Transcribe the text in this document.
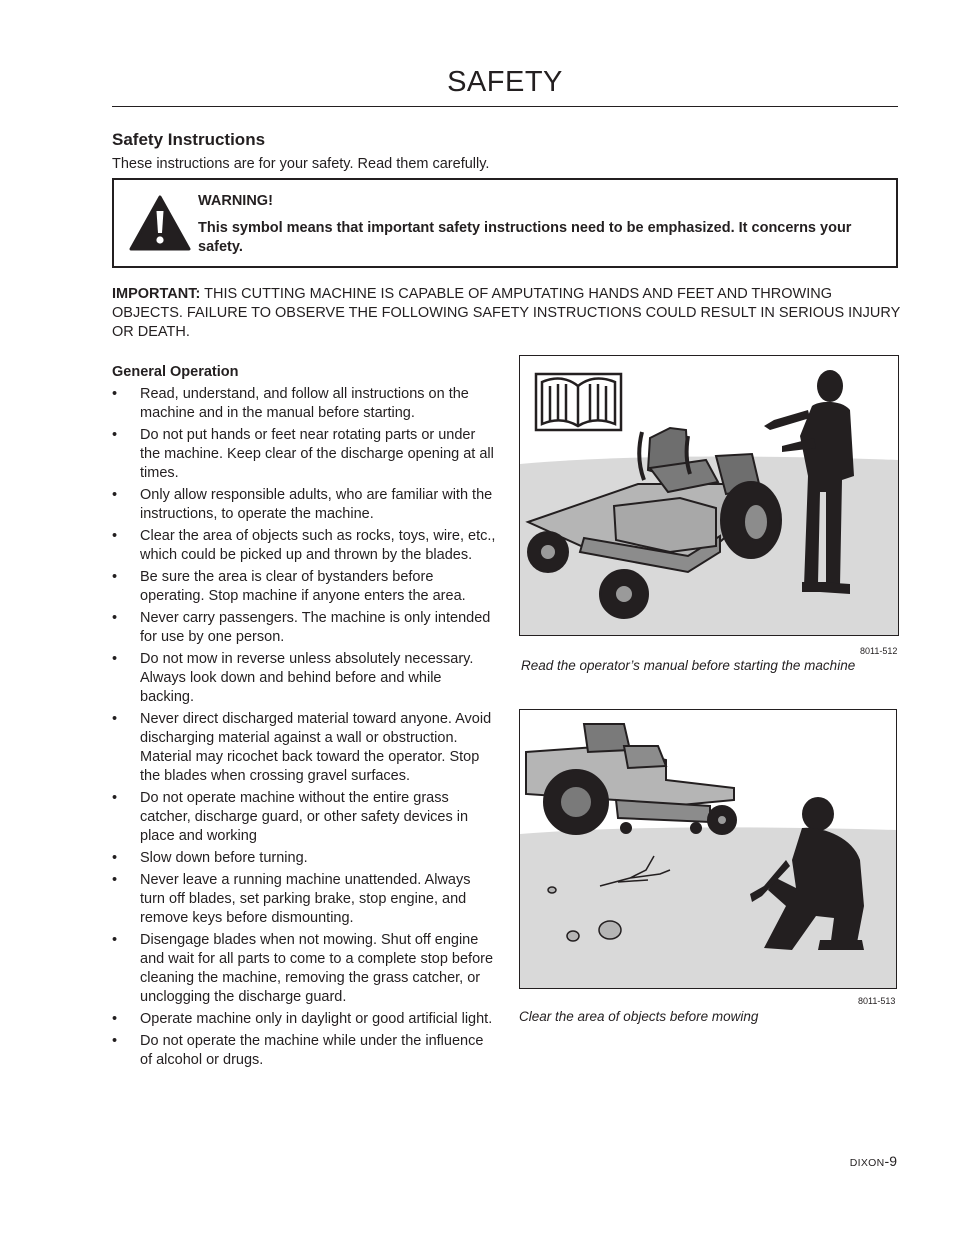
SAFETY
Safety Instructions
These instructions are for your safety. Read them carefully.
WARNING!
This symbol means that important safety instructions need to be emphasized. It concerns your safety.
IMPORTANT: THIS CUTTING MACHINE IS CAPABLE OF AMPUTATING HANDS AND FEET AND THROWING OBJECTS. FAILURE TO OBSERVE THE FOLLOWING SAFETY INSTRUCTIONS COULD RESULT IN SERIOUS INJURY OR DEATH.
General Operation
• Read, understand, and follow all instructions on the machine and in the manual before starting.
• Do not put hands or feet near rotating parts or under the machine. Keep clear of the discharge opening at all times.
• Only allow responsible adults, who are familiar with the instructions, to operate the machine.
• Clear the area of objects such as rocks, toys, wire, etc., which could be picked up and thrown by the blades.
• Be sure the area is clear of bystanders before operating. Stop machine if anyone enters the area.
• Never carry passengers. The machine is only intended for use by one person.
• Do not mow in reverse unless absolutely necessary. Always look down and behind before and while backing.
• Never direct discharged material toward anyone. Avoid discharging material against a wall or obstruction. Material may ricochet back toward the operator. Stop the blades when crossing gravel surfaces.
• Do not operate machine without the entire grass catcher, discharge guard, or other safety devices in place and working
• Slow down before turning.
• Never leave a running machine unattended. Always turn off blades, set parking brake, stop engine, and remove keys before dismounting.
• Disengage blades when not mowing. Shut off engine and wait for all parts to come to a complete stop before cleaning the machine, removing the grass catcher, or unclogging the discharge guard.
• Operate machine only in daylight or good artificial light.
• Do not operate the machine while under the influence of alcohol or drugs.
8011-512
Read the operator’s manual before starting the machine
8011-513
Clear the area of objects before mowing
DIXON-9
